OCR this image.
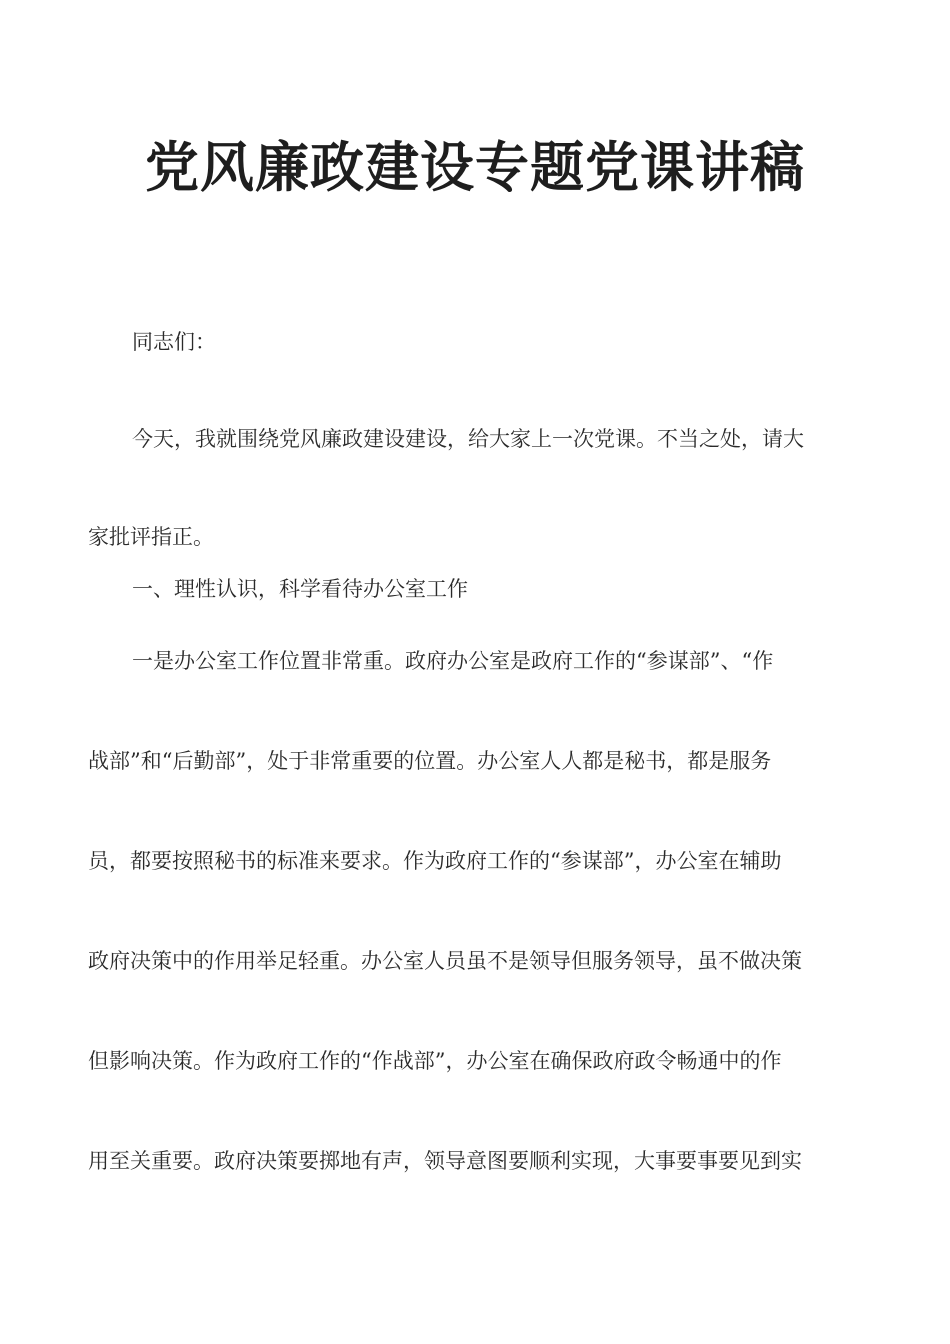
党风廉政建设专题党课讲稿

同志们：

今天，我就围绕党风廉政建设建设，给大家上一次党课。不当之处，请大
家批评指正。

一、理性认识，科学看待办公室工作

一是办公室工作位置非常重。政府办公室是政府工作的“参谋部”、“作
战部”和“后勤部”，处于非常重要的位置。办公室人人都是秘书，都是服务
员，都要按照秘书的标准来要求。作为政府工作的“参谋部”，办公室在辅助
政府决策中的作用举足轻重。办公室人员虽不是领导但服务领导，虽不做决策
但影响决策。作为政府工作的“作战部”，办公室在确保政府政令畅通中的作
用至关重要。政府决策要掷地有声，领导意图要顺利实现，大事要事要见到实
